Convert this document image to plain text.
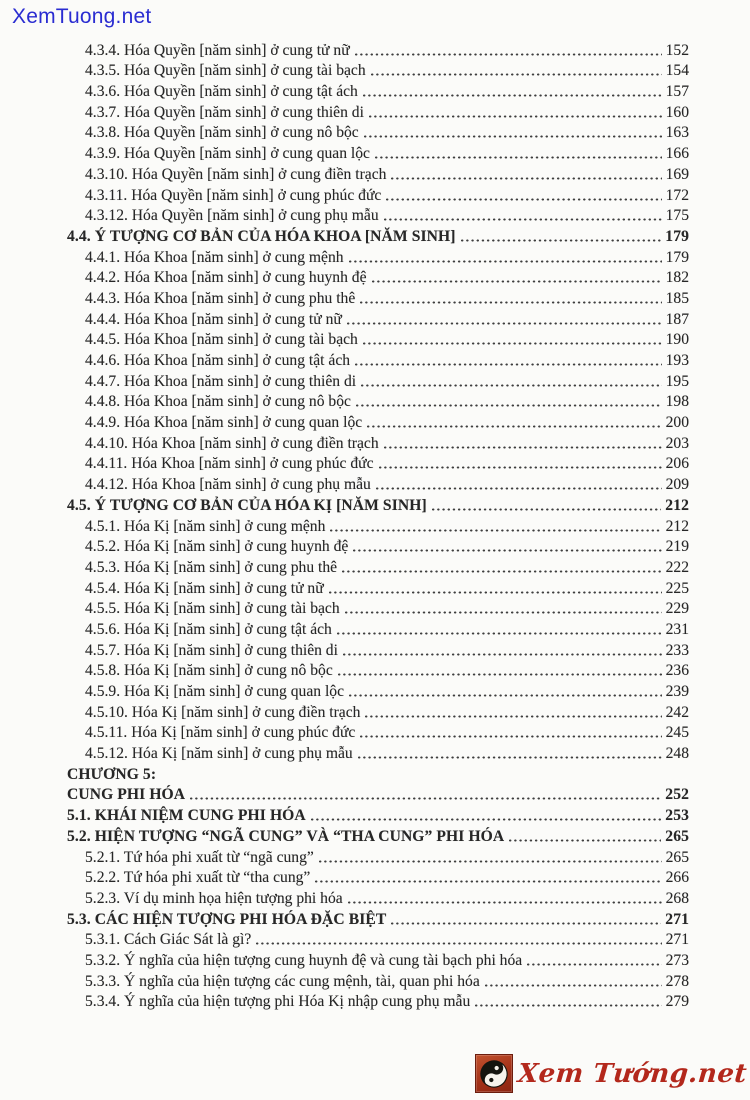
XemTuong.net
4.3.4. Hóa Quyền [năm sinh] ở cung tử nữ	152
4.3.5. Hóa Quyền [năm sinh] ở cung tài bạch	154
4.3.6. Hóa Quyền [năm sinh] ở cung tật ách	157
4.3.7. Hóa Quyền [năm sinh] ở cung thiên di	160
4.3.8. Hóa Quyền [năm sinh] ở cung nô bộc	163
4.3.9. Hóa Quyền [năm sinh] ở cung quan lộc	166
4.3.10. Hóa Quyền [năm sinh] ở cung điền trạch	169
4.3.11. Hóa Quyền [năm sinh] ở cung phúc đức	172
4.3.12. Hóa Quyền [năm sinh] ở cung phụ mẫu	175
4.4. Ý TƯỢNG CƠ BẢN CỦA HÓA KHOA [NĂM SINH]	179
4.4.1. Hóa Khoa [năm sinh] ở cung mệnh	179
4.4.2. Hóa Khoa [năm sinh] ở cung huynh đệ	182
4.4.3. Hóa Khoa [năm sinh] ở cung phu thê	185
4.4.4. Hóa Khoa [năm sinh] ở cung tử nữ	187
4.4.5. Hóa Khoa [năm sinh] ở cung tài bạch	190
4.4.6. Hóa Khoa [năm sinh] ở cung tật ách	193
4.4.7. Hóa Khoa [năm sinh] ở cung thiên di	195
4.4.8. Hóa Khoa [năm sinh] ở cung nô bộc	198
4.4.9. Hóa Khoa [năm sinh] ở cung quan lộc	200
4.4.10. Hóa Khoa [năm sinh] ở cung điền trạch	203
4.4.11. Hóa Khoa [năm sinh] ở cung phúc đức	206
4.4.12. Hóa Khoa [năm sinh] ở cung phụ mẫu	209
4.5. Ý TƯỢNG CƠ BẢN CỦA HÓA KỊ [NĂM SINH]	212
4.5.1. Hóa Kị [năm sinh] ở cung mệnh	212
4.5.2. Hóa Kị [năm sinh] ở cung huynh đệ	219
4.5.3. Hóa Kị [năm sinh] ở cung phu thê	222
4.5.4. Hóa Kị [năm sinh] ở cung tử nữ	225
4.5.5. Hóa Kị [năm sinh] ở cung tài bạch	229
4.5.6. Hóa Kị [năm sinh] ở cung tật ách	231
4.5.7. Hóa Kị [năm sinh] ở cung thiên di	233
4.5.8. Hóa Kị [năm sinh] ở cung nô bộc	236
4.5.9. Hóa Kị [năm sinh] ở cung quan lộc	239
4.5.10. Hóa Kị [năm sinh] ở cung điền trạch	242
4.5.11. Hóa Kị [năm sinh] ở cung phúc đức	245
4.5.12. Hóa Kị [năm sinh] ở cung phụ mẫu	248
CHƯƠNG 5:
CUNG PHI HÓA	252
5.1. KHÁI NIỆM CUNG PHI HÓA	253
5.2. HIỆN TƯỢNG “NGÃ CUNG” VÀ “THA CUNG” PHI HÓA	265
5.2.1. Tứ hóa phi xuất từ “ngã cung”	265
5.2.2. Tứ hóa phi xuất từ “tha cung”	266
5.2.3. Ví dụ minh họa hiện tượng phi hóa	268
5.3. CÁC HIỆN TƯỢNG PHI HÓA ĐẶC BIỆT	271
5.3.1. Cách Giác Sát là gì?	271
5.3.2. Ý nghĩa của hiện tượng cung huynh đệ và cung tài bạch phi hóa	273
5.3.3. Ý nghĩa của hiện tượng các cung mệnh, tài, quan phi hóa	278
5.3.4. Ý nghĩa của hiện tượng phi Hóa Kị nhập cung phụ mẫu	279
Xem Tướng.net
